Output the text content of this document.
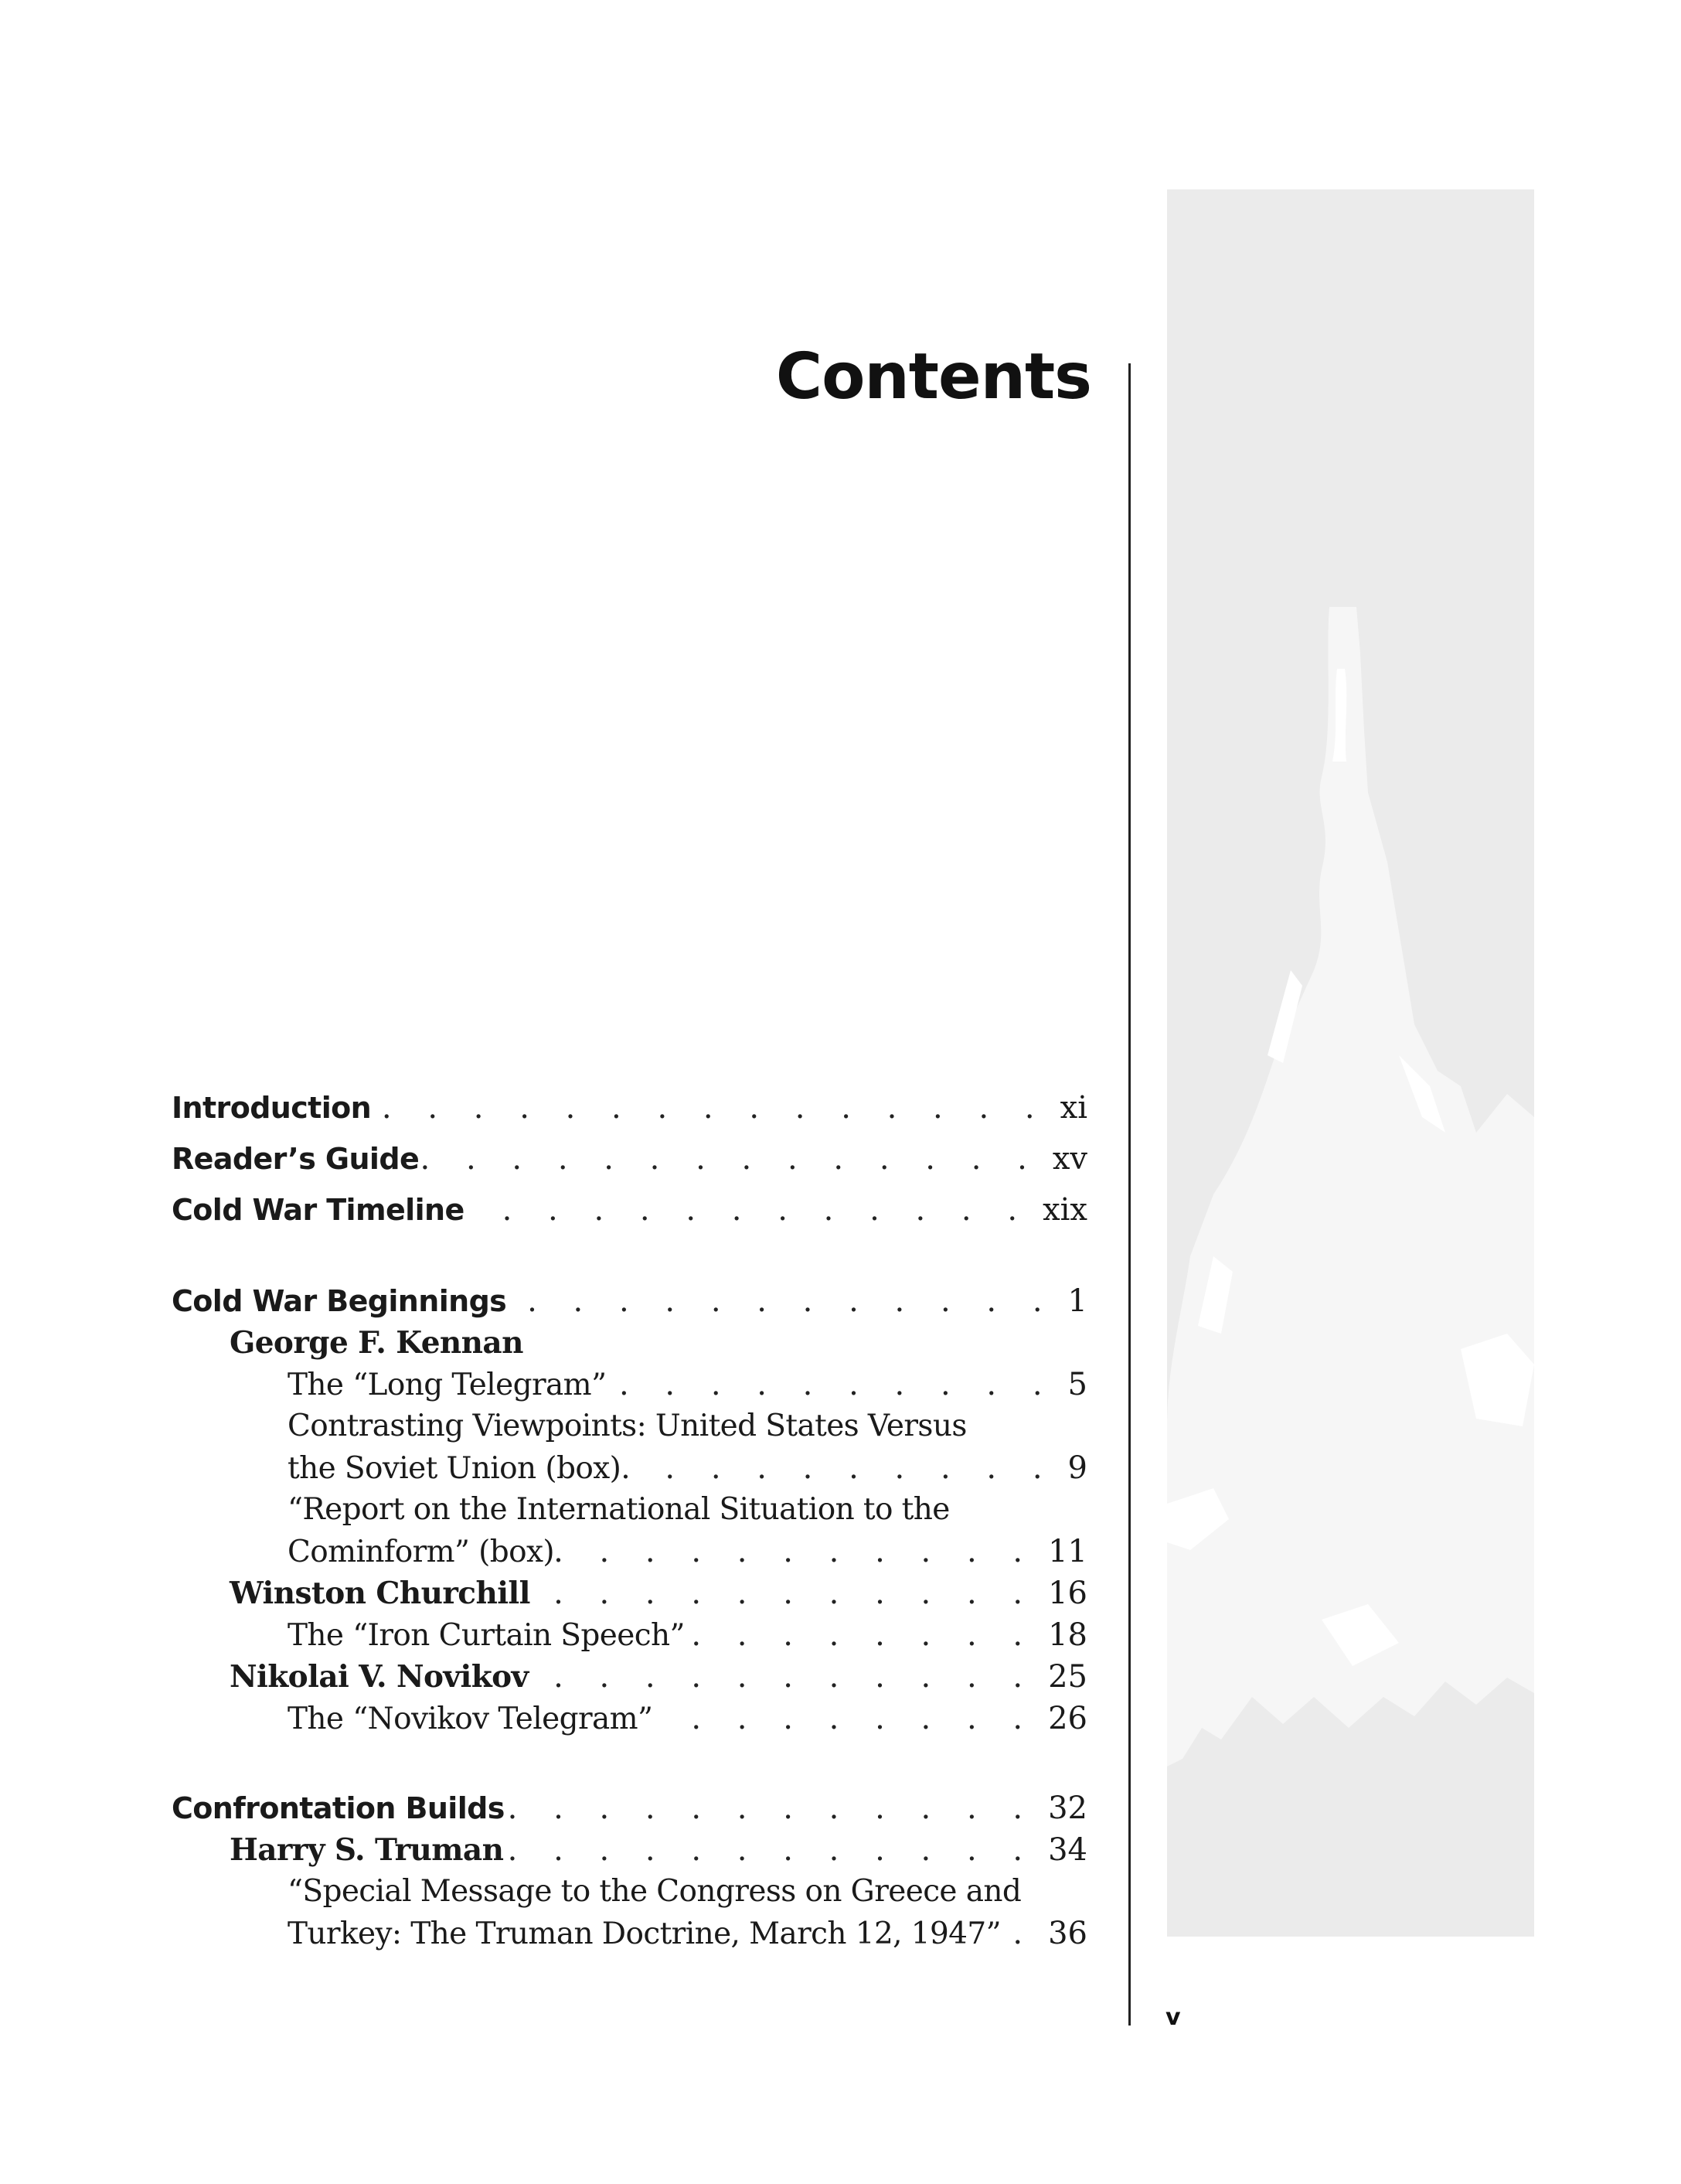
Contents
Introduction . . .	xi
Reader’s Guide . . .	xv
Cold War Timeline . . .	xix
Cold War Beginnings . . .	1
George F. Kennan
The “Long Telegram” . . .	5
Contrasting Viewpoints: United States Versus
the Soviet Union (box). . . .	9
“Report on the International Situation to the
Cominform” (box) . . .	11
Winston Churchill . . .	16
The “Iron Curtain Speech” . . .	18
Nikolai V. Novikov . . .	25
The “Novikov Telegram” . . .	26
Confrontation Builds . . .	32
Harry S. Truman . . .	34
“Special Message to the Congress on Greece and
Turkey: The Truman Doctrine, March 12, 1947” . . . 36
v
